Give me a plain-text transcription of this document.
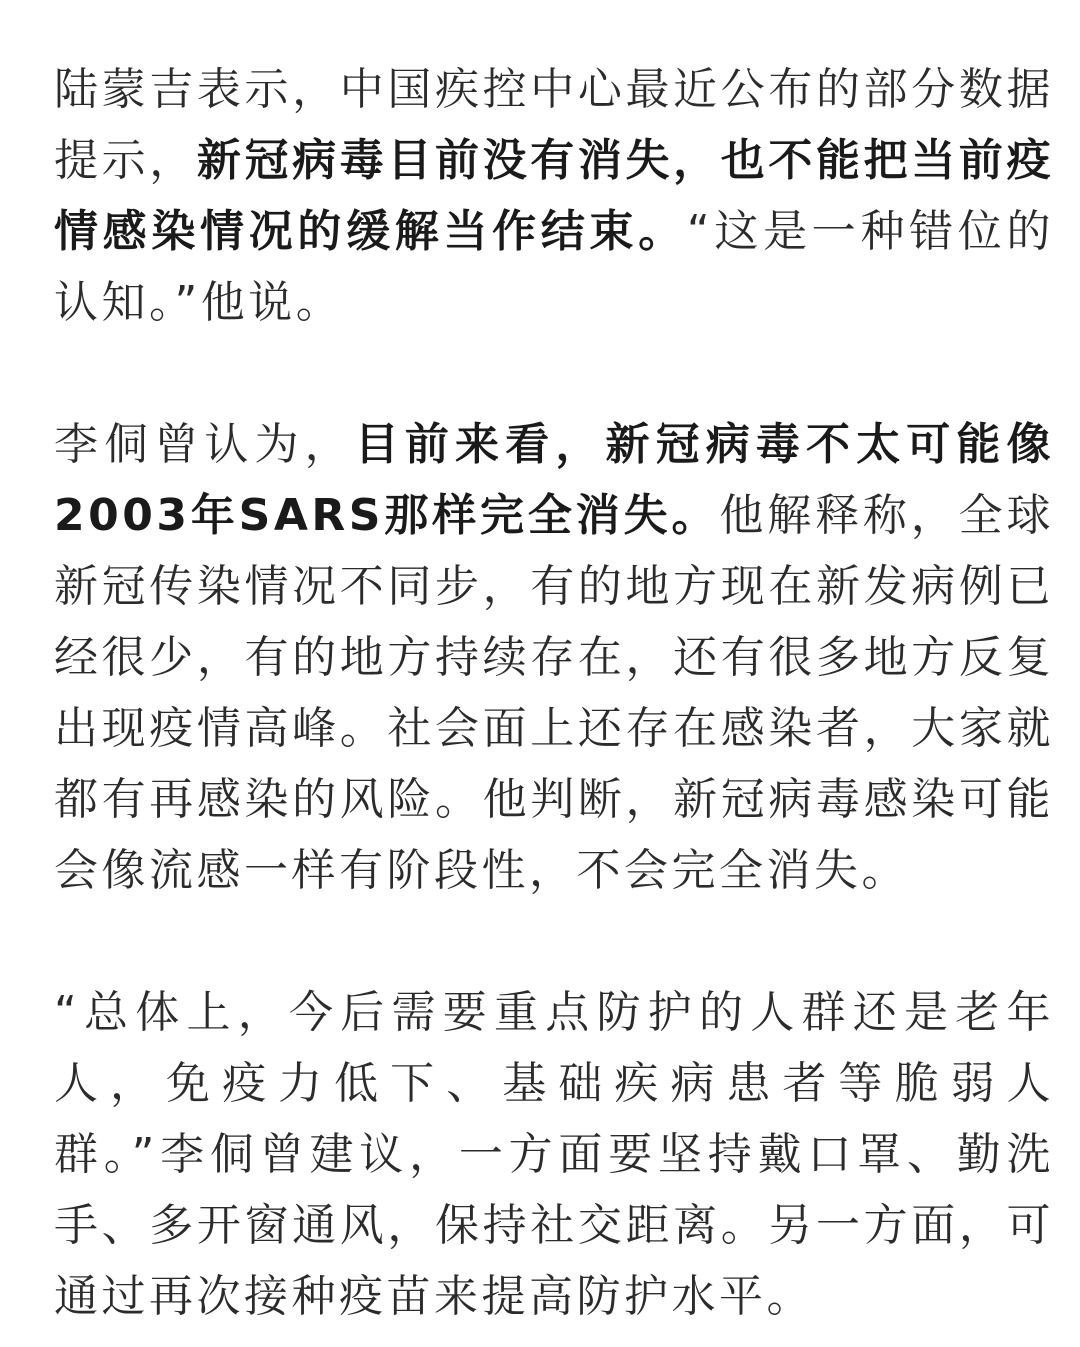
陆蒙吉表示，中国疾控中心最近公布的部分数据提示，新冠病毒目前没有消失，也不能把当前疫情感染情况的缓解当作结束。“这是一种错位的认知。”他说。

李侗曾认为，目前来看，新冠病毒不太可能像2003年SARS那样完全消失。他解释称，全球新冠传染情况不同步，有的地方现在新发病例已经很少，有的地方持续存在，还有很多地方反复出现疫情高峰。社会面上还存在感染者，大家就都有再感染的风险。他判断，新冠病毒感染可能会像流感一样有阶段性，不会完全消失。

“总体上，今后需要重点防护的人群还是老年人，免疫力低下、基础疾病患者等脆弱人群。”李侗曾建议，一方面要坚持戴口罩、勤洗手、多开窗通风，保持社交距离。另一方面，可通过再次接种疫苗来提高防护水平。
